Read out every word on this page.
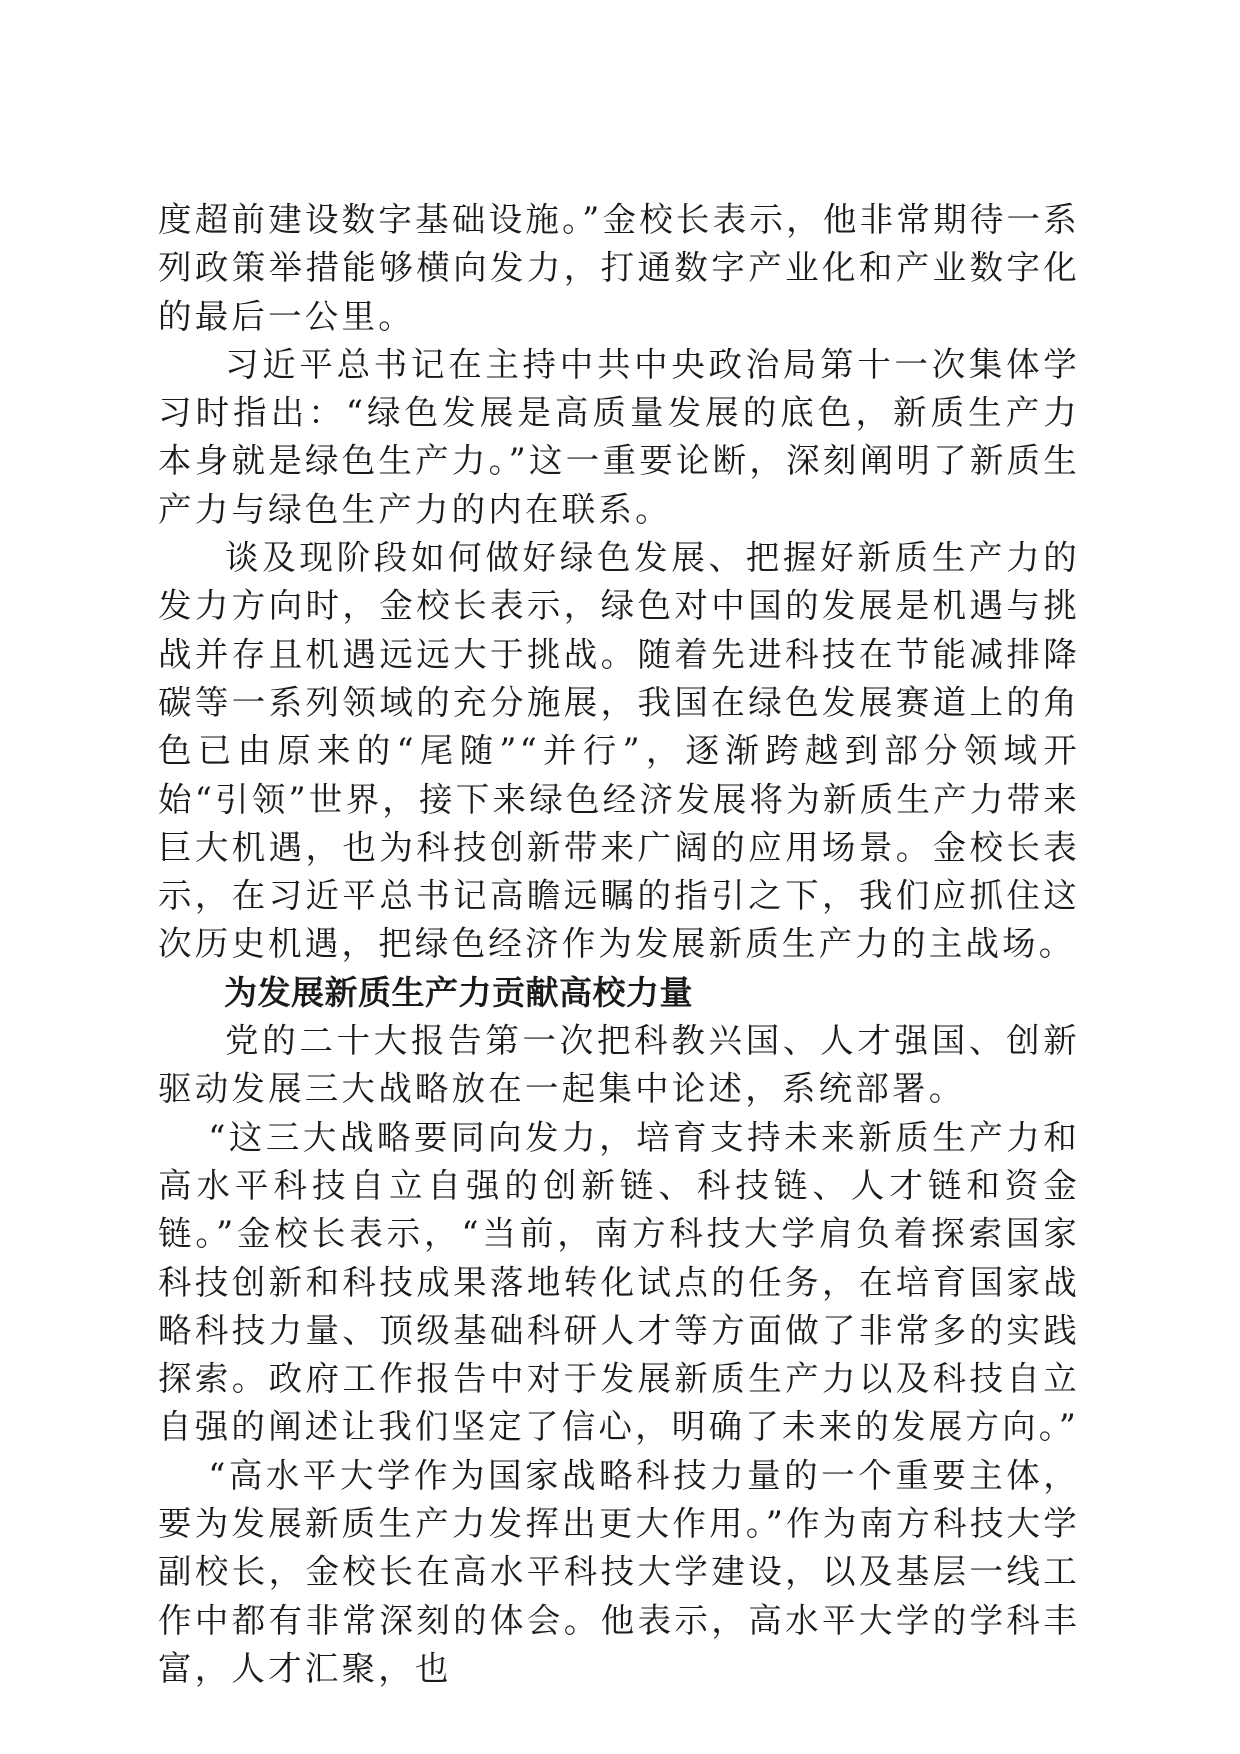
度超前建设数字基础设施。”金校长表示，他非常期待一系列政策举措能够横向发力，打通数字产业化和产业数字化的最后一公里。

习近平总书记在主持中共中央政治局第十一次集体学习时指出：“绿色发展是高质量发展的底色，新质生产力本身就是绿色生产力。”这一重要论断，深刻阐明了新质生产力与绿色生产力的内在联系。

谈及现阶段如何做好绿色发展、把握好新质生产力的发力方向时，金校长表示，绿色对中国的发展是机遇与挑战并存且机遇远远大于挑战。随着先进科技在节能减排降碳等一系列领域的充分施展，我国在绿色发展赛道上的角色已由原来的“尾随”“并行”，逐渐跨越到部分领域开始“引领”世界，接下来绿色经济发展将为新质生产力带来巨大机遇，也为科技创新带来广阔的应用场景。金校长表示，在习近平总书记高瞻远瞩的指引之下，我们应抓住这次历史机遇，把绿色经济作为发展新质生产力的主战场。

为发展新质生产力贡献高校力量

党的二十大报告第一次把科教兴国、人才强国、创新驱动发展三大战略放在一起集中论述，系统部署。

“这三大战略要同向发力，培育支持未来新质生产力和高水平科技自立自强的创新链、科技链、人才链和资金链。”金校长表示，“当前，南方科技大学肩负着探索国家科技创新和科技成果落地转化试点的任务，在培育国家战略科技力量、顶级基础科研人才等方面做了非常多的实践探索。政府工作报告中对于发展新质生产力以及科技自立自强的阐述让我们坚定了信心，明确了未来的发展方向。”

“高水平大学作为国家战略科技力量的一个重要主体，要为发展新质生产力发挥出更大作用。”作为南方科技大学副校长，金校长在高水平科技大学建设，以及基层一线工作中都有非常深刻的体会。他表示，高水平大学的学科丰富，人才汇聚，也
